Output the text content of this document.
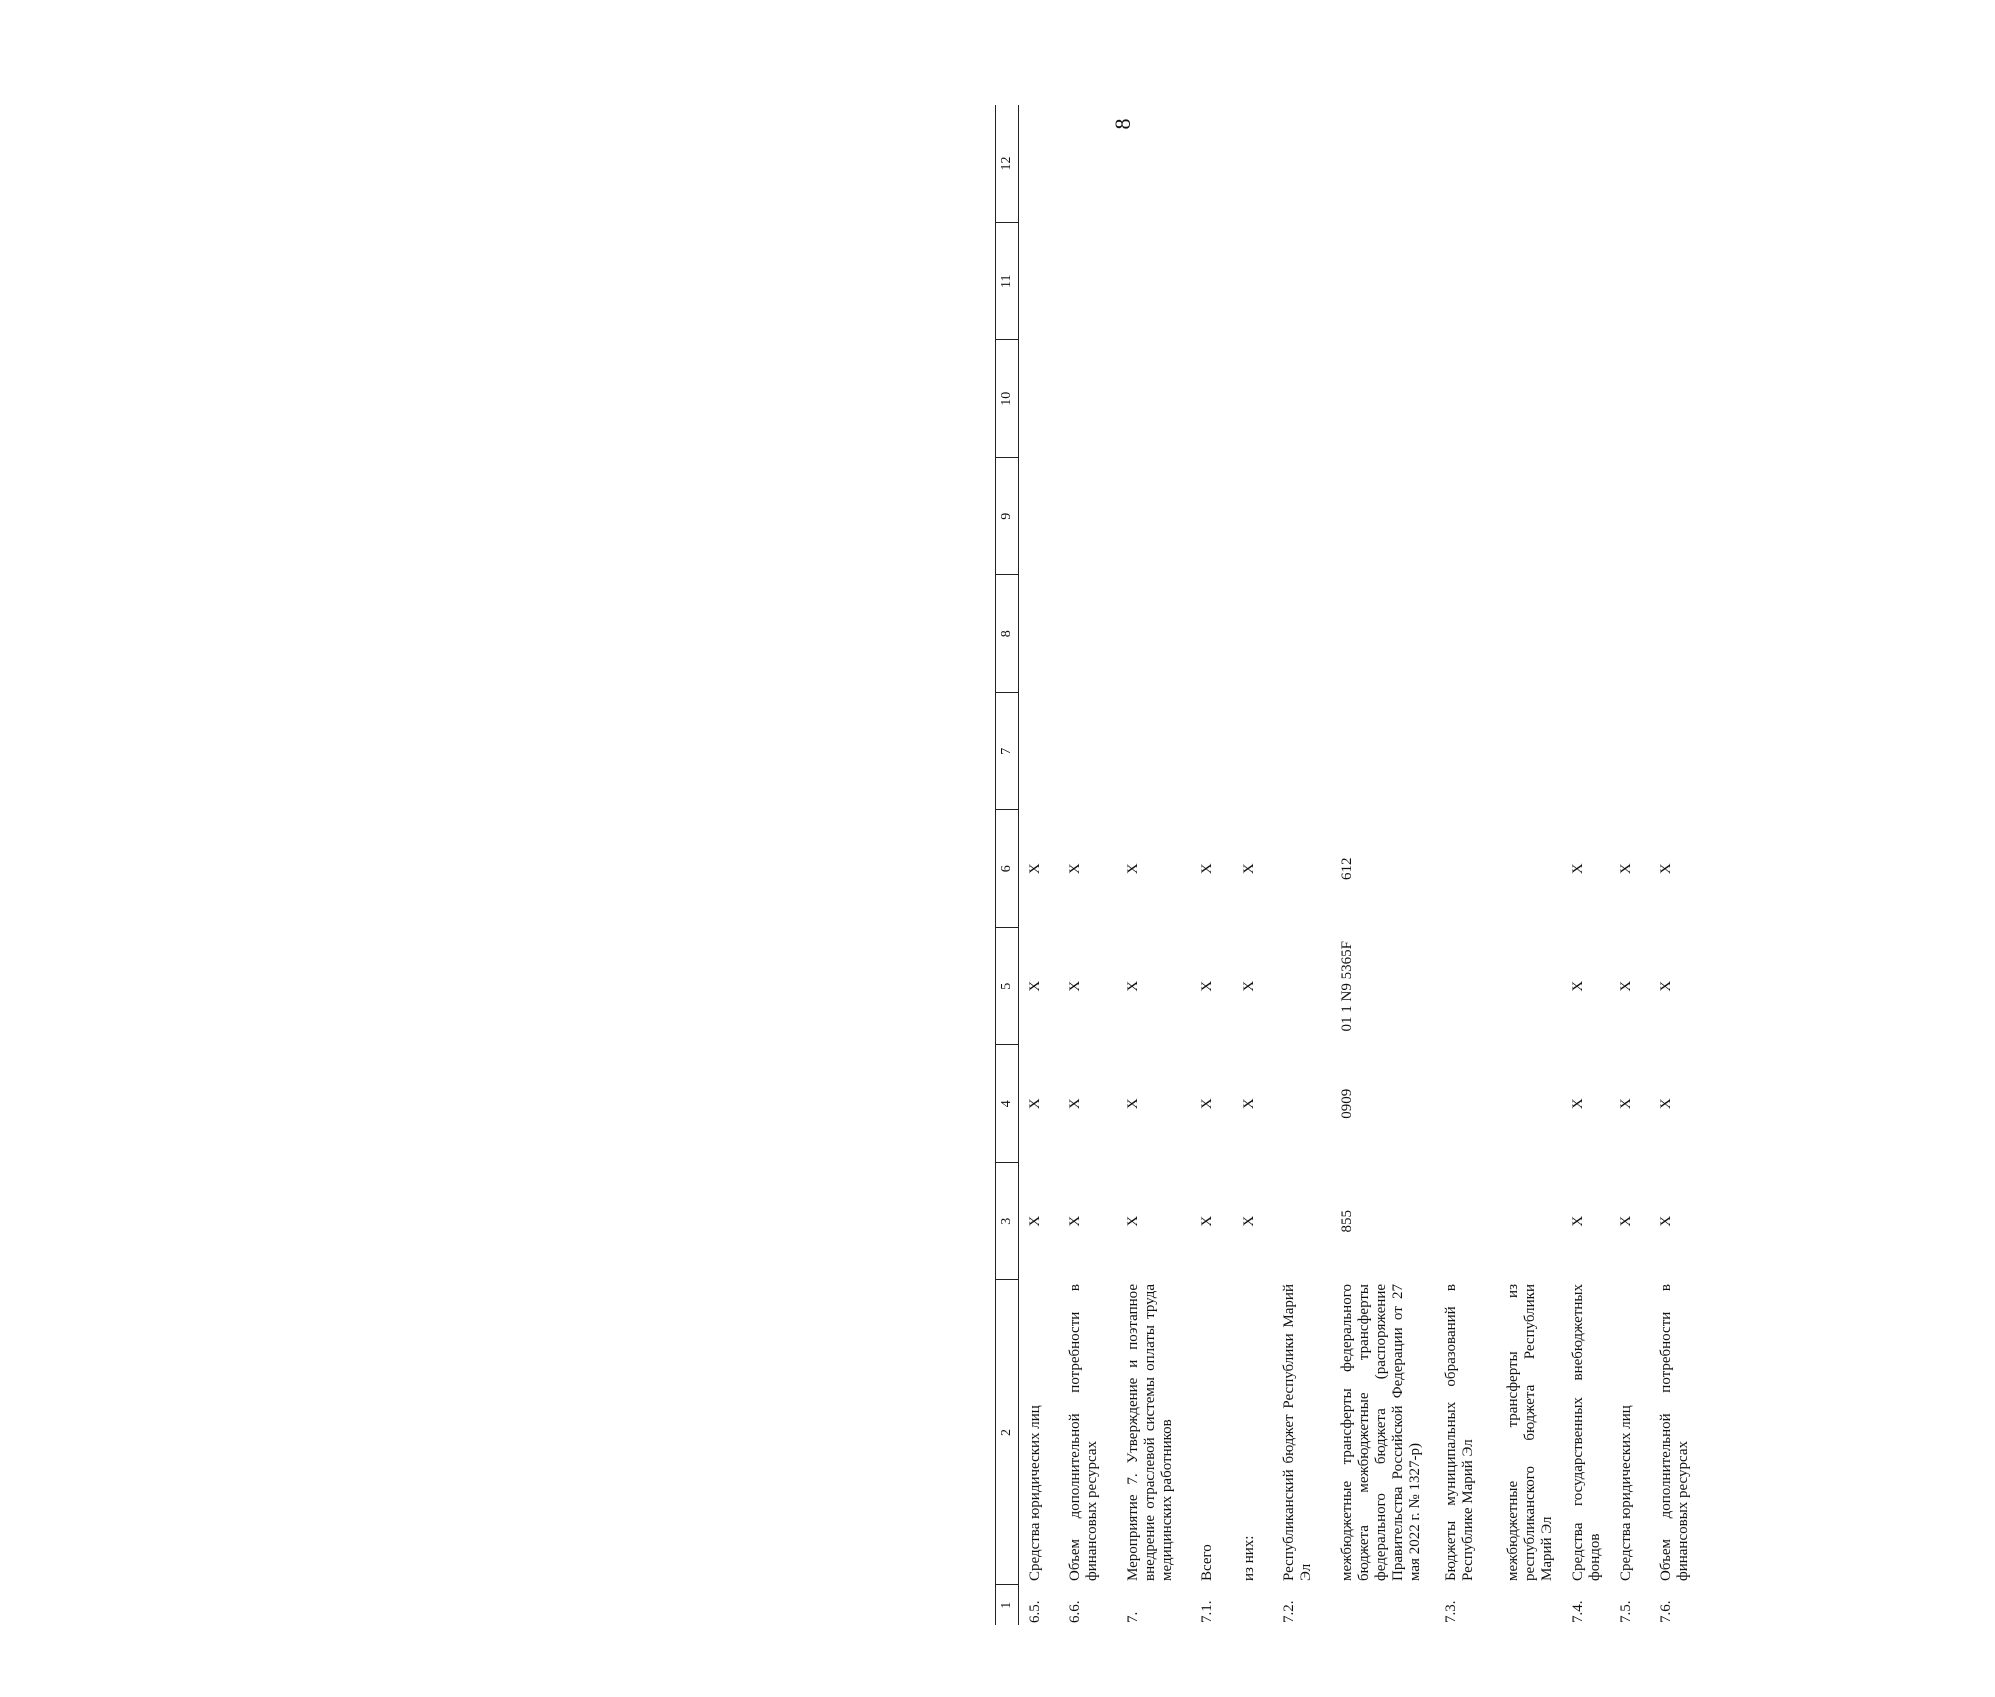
8
1	2	3	4	5	6	7	8	9	10	11	12
6.5.	Средства юридических лиц	Х	Х	Х	Х						
6.6.	Объем дополнительной потребности в финансовых ресурсах	Х	Х	Х	Х						
7.	Мероприятие 7. Утверждение и поэтапное внедрение отраслевой системы оплаты труда медицинских работников	Х	Х	Х	Х						
7.1.	Всего	Х	Х	Х	Х						
	из них:	Х	Х	Х	Х						
7.2.	Республиканский бюджет Республики Марий Эл										
	межбюджетные трансферты федерального бюджета межбюджетные трансферты федерального бюджета (распоряжение Правительства Российской Федерации от 27 мая 2022 г. № 1327-р)	855	0909	01 1 N9 5365F	612						
7.3.	Бюджеты муниципальных образований в Республике Марий Эл										
	межбюджетные трансферты из республиканского бюджета Республики Марий Эл										
7.4.	Средства государственных внебюджетных фондов	Х	Х	Х	Х						
7.5.	Средства юридических лиц	Х	Х	Х	Х						
7.6.	Объем дополнительной потребности в финансовых ресурсах	Х	Х	Х	Х						
